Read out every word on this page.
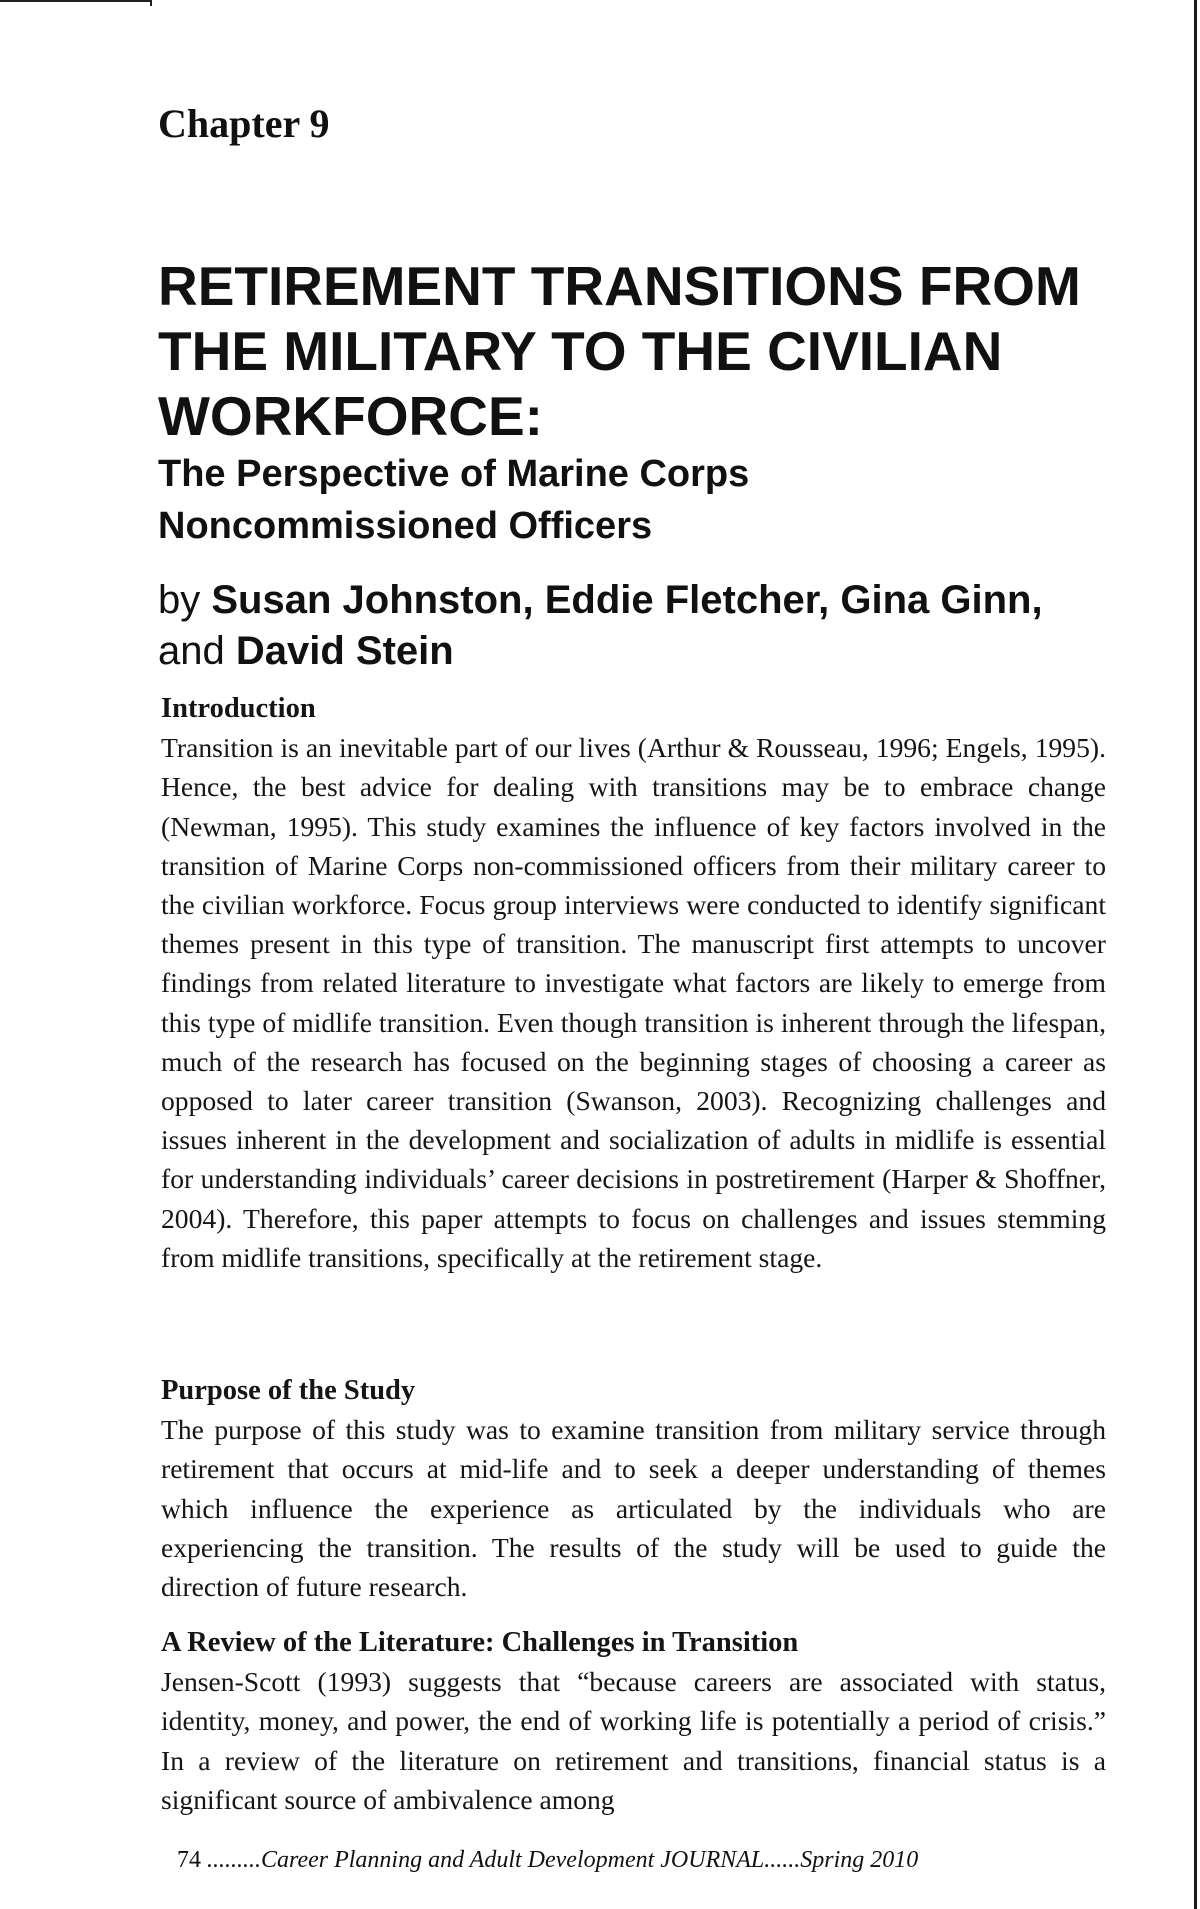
Chapter 9
RETIREMENT TRANSITIONS FROM
THE MILITARY TO THE CIVILIAN
WORKFORCE:
The Perspective of Marine Corps
Noncommissioned Officers
by Susan Johnston, Eddie Fletcher, Gina Ginn,
and David Stein
Introduction
Transition is an inevitable part of our lives (Arthur & Rousseau, 1996; Engels, 1995). Hence, the best advice for dealing with transitions may be to embrace change (Newman, 1995). This study examines the influence of key factors involved in the transition of Marine Corps non-commissioned officers from their military career to the civilian workforce. Focus group interviews were conducted to identify significant themes present in this type of transition. The manuscript first attempts to uncover findings from related literature to investigate what factors are likely to emerge from this type of midlife transition. Even though transition is inherent through the lifespan, much of the research has focused on the beginning stages of choosing a career as opposed to later career transition (Swanson, 2003). Recognizing challenges and issues inherent in the development and socialization of adults in midlife is essential for understanding individuals’ career decisions in postretirement (Harper & Shoffner, 2004). Therefore, this paper attempts to focus on challenges and issues stemming from midlife transitions, specifically at the retirement stage.
Purpose of the Study
The purpose of this study was to examine transition from military service through retirement that occurs at mid-life and to seek a deeper understanding of themes which influence the experience as articulated by the individuals who are experiencing the transition. The results of the study will be used to guide the direction of future research.
A Review of the Literature: Challenges in Transition
Jensen-Scott (1993) suggests that “because careers are associated with status, identity, money, and power, the end of working life is potentially a period of crisis.” In a review of the literature on retirement and transitions, financial status is a significant source of ambivalence among
74 .........Career Planning and Adult Development JOURNAL......Spring 2010
